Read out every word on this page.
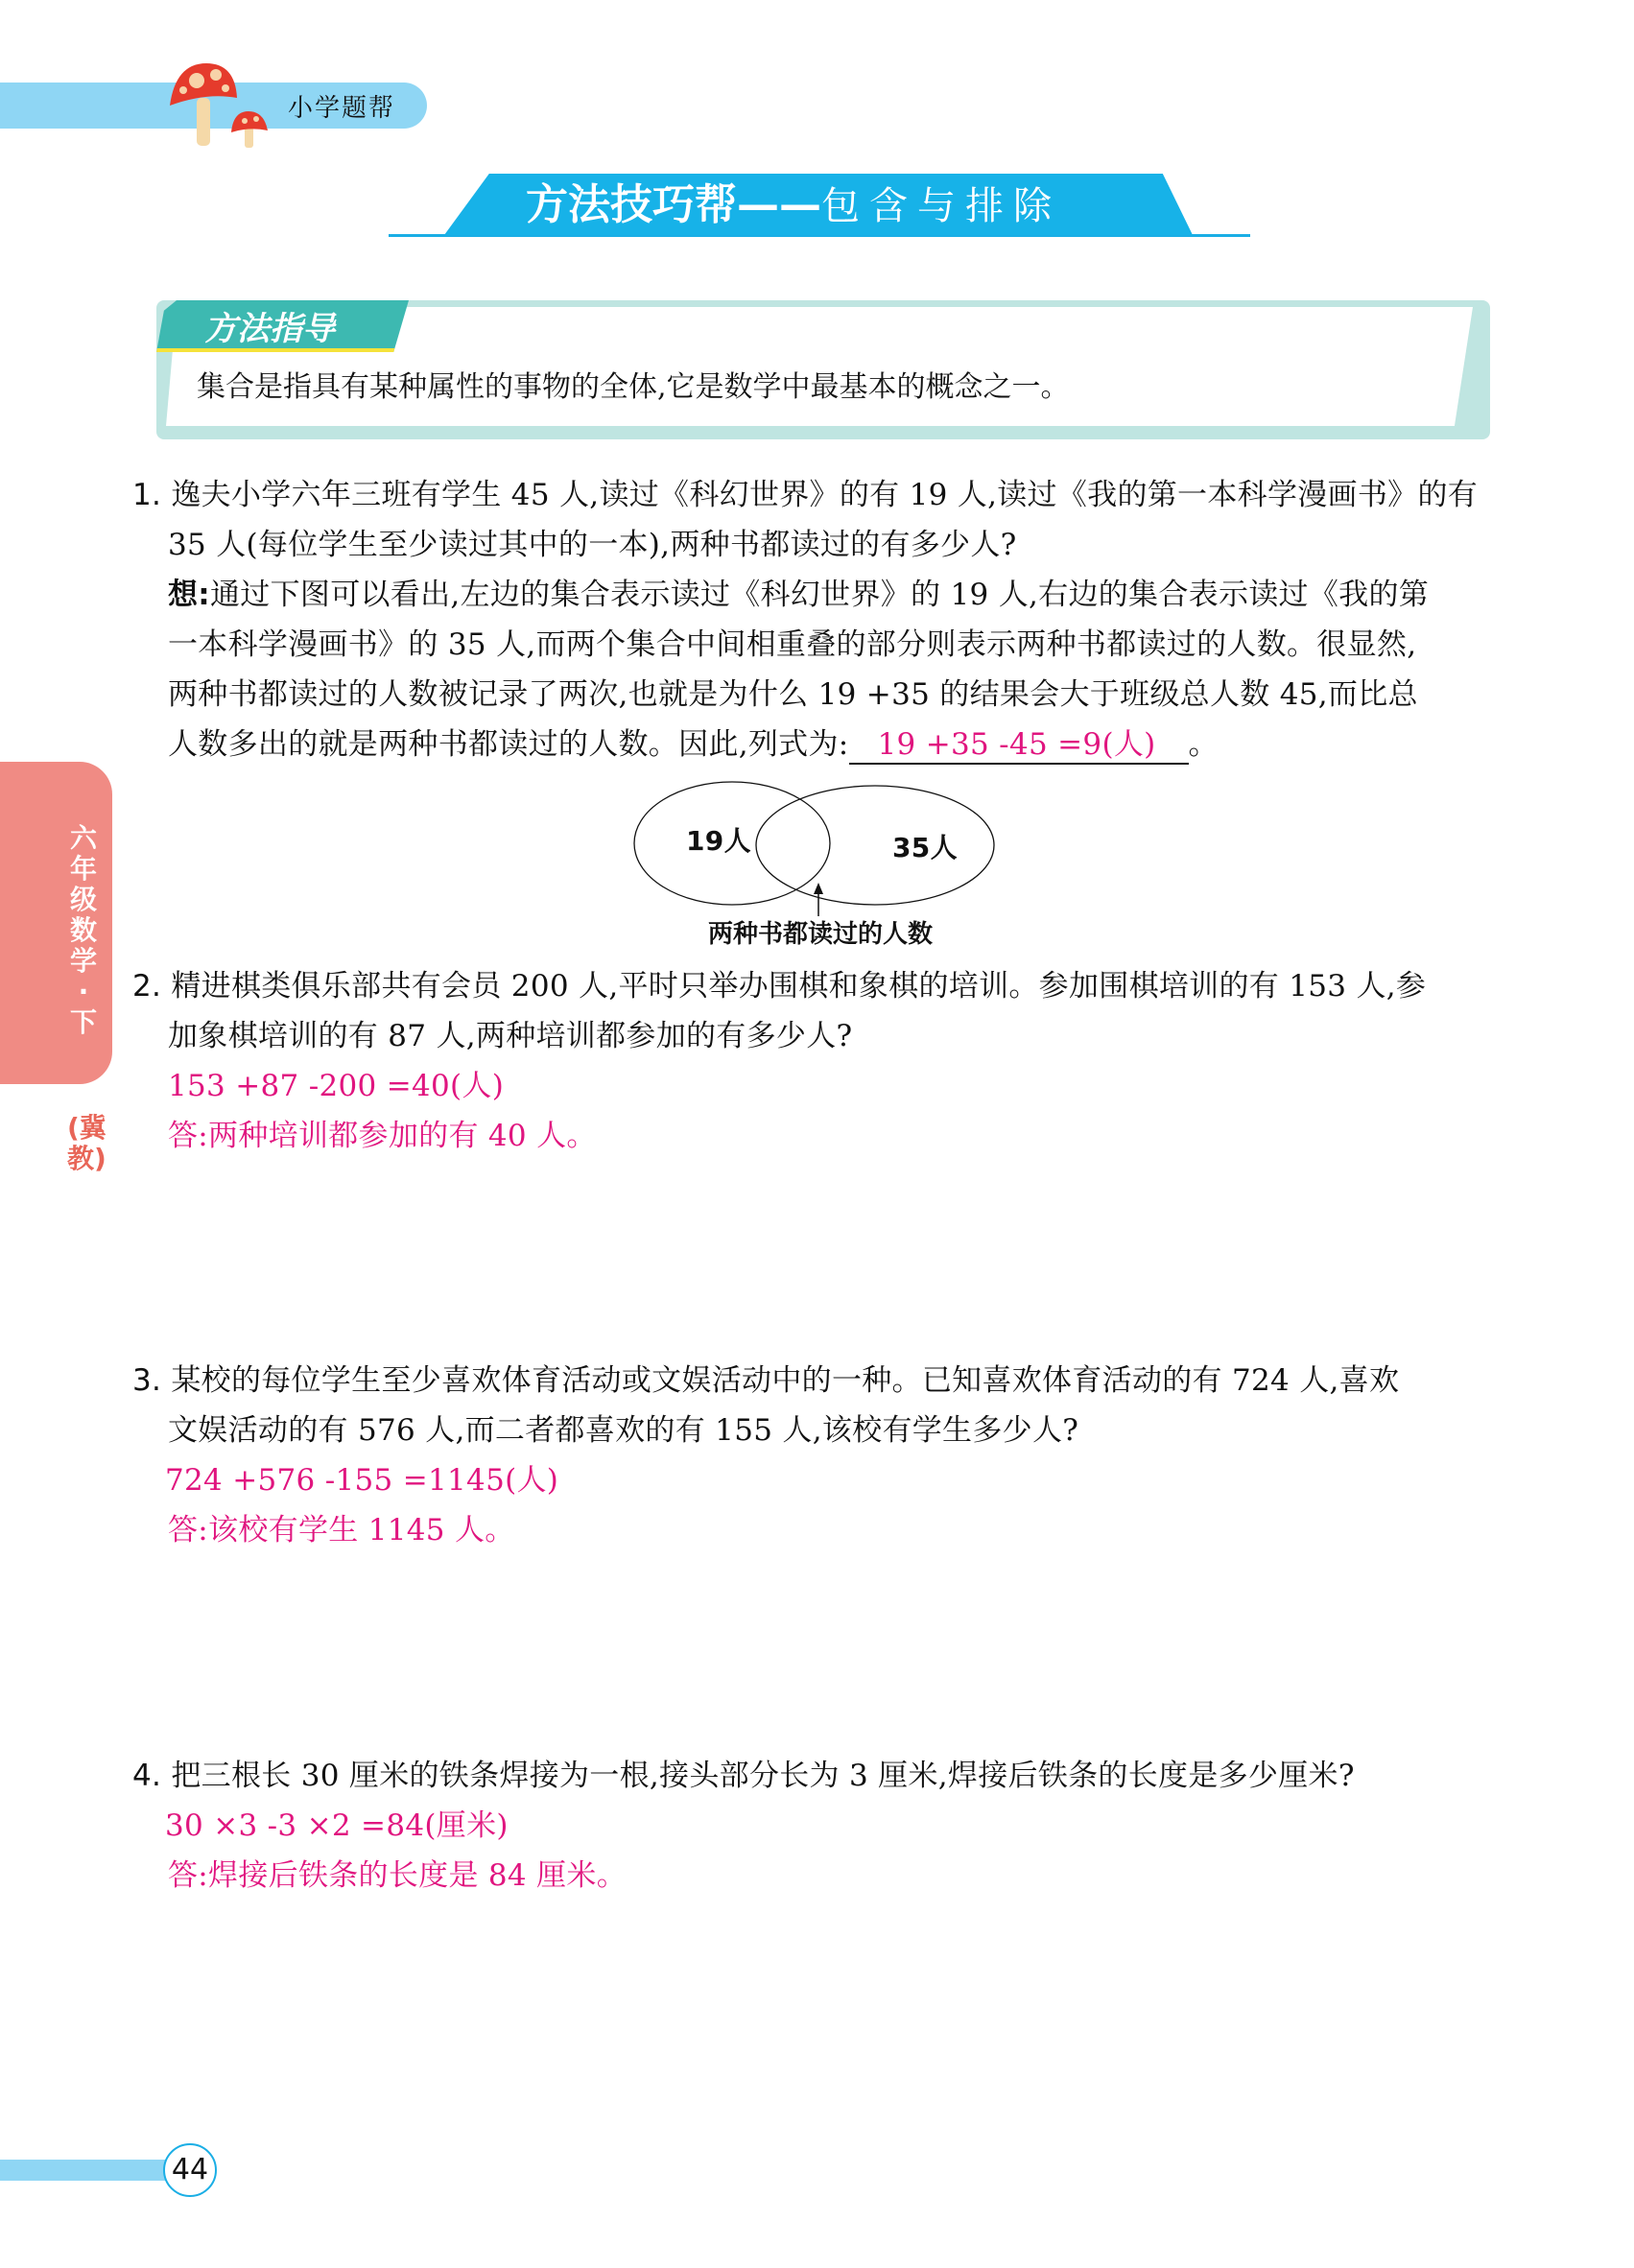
小学题帮
方法技巧帮——包含与排除
方法指导
集合是指具有某种属性的事物的全体,它是数学中最基本的概念之一。
六年级数学·下
(冀教)
1. 逸夫小学六年三班有学生 45 人,读过《科幻世界》的有 19 人,读过《我的第一本科学漫画书》的有
35 人(每位学生至少读过其中的一本),两种书都读过的有多少人?
想:通过下图可以看出,左边的集合表示读过《科幻世界》的 19 人,右边的集合表示读过《我的第
一本科学漫画书》的 35 人,而两个集合中间相重叠的部分则表示两种书都读过的人数。很显然,
两种书都读过的人数被记录了两次,也就是为什么 19 +35 的结果会大于班级总人数 45,而比总
人数多出的就是两种书都读过的人数。因此,列式为: 19 +35 -45 =9(人) 。
19人	35人
两种书都读过的人数
2. 精进棋类俱乐部共有会员 200 人,平时只举办围棋和象棋的培训。参加围棋培训的有 153 人,参
加象棋培训的有 87 人,两种培训都参加的有多少人?
153 +87 -200 =40(人)
答:两种培训都参加的有 40 人。
3. 某校的每位学生至少喜欢体育活动或文娱活动中的一种。已知喜欢体育活动的有 724 人,喜欢
文娱活动的有 576 人,而二者都喜欢的有 155 人,该校有学生多少人?
724 +576 -155 =1145(人)
答:该校有学生 1145 人。
4. 把三根长 30 厘米的铁条焊接为一根,接头部分长为 3 厘米,焊接后铁条的长度是多少厘米?
30 ×3 -3 ×2 =84(厘米)
答:焊接后铁条的长度是 84 厘米。
44
